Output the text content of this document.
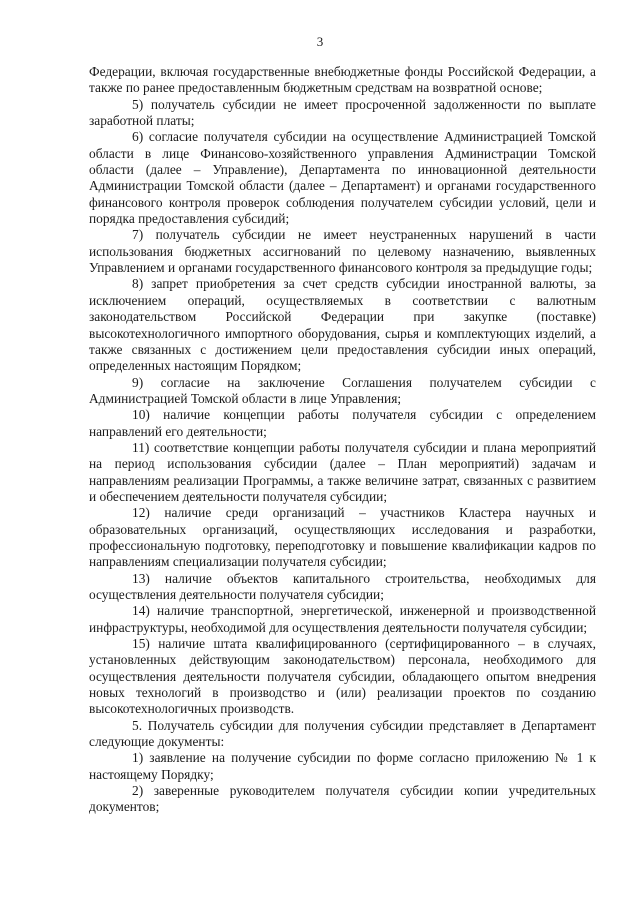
3

Федерации, включая государственные внебюджетные фонды Российской Федерации, а также по ранее предоставленным бюджетным средствам на возвратной основе;

5) получатель субсидии не имеет просроченной задолженности по выплате заработной платы;

6) согласие получателя субсидии на осуществление Администрацией Томской области в лице Финансово-хозяйственного управления Администрации Томской области (далее – Управление), Департамента по инновационной деятельности Администрации Томской области (далее – Департамент) и органами государственного финансового контроля проверок соблюдения получателем субсидии условий, цели и порядка предоставления субсидий;

7) получатель субсидии не имеет неустраненных нарушений в части использования бюджетных ассигнований по целевому назначению, выявленных Управлением и органами государственного финансового контроля за предыдущие годы;

8) запрет приобретения за счет средств субсидии иностранной валюты, за исключением операций, осуществляемых в соответствии с валютным законодательством Российской Федерации при закупке (поставке) высокотехнологичного импортного оборудования, сырья и комплектующих изделий, а также связанных с достижением цели предоставления субсидии иных операций, определенных настоящим Порядком;

9) согласие на заключение Соглашения получателем субсидии с Администрацией Томской области в лице Управления;

10) наличие концепции работы получателя субсидии с определением направлений его деятельности;

11) соответствие концепции работы получателя субсидии и плана мероприятий на период использования субсидии (далее – План мероприятий) задачам и направлениям реализации Программы, а также величине затрат, связанных с развитием и обеспечением деятельности получателя субсидии;

12) наличие среди организаций – участников Кластера научных и образовательных организаций, осуществляющих исследования и разработки, профессиональную подготовку, переподготовку и повышение квалификации кадров по направлениям специализации получателя субсидии;

13) наличие объектов капитального строительства, необходимых для осуществления деятельности получателя субсидии;

14) наличие транспортной, энергетической, инженерной и производственной инфраструктуры, необходимой для осуществления деятельности получателя субсидии;

15) наличие штата квалифицированного (сертифицированного – в случаях, установленных действующим законодательством) персонала, необходимого для осуществления деятельности получателя субсидии, обладающего опытом внедрения новых технологий в производство и (или) реализации проектов по созданию высокотехнологичных производств.

5. Получатель субсидии для получения субсидии представляет в Департамент следующие документы:

1) заявление на получение субсидии по форме согласно приложению № 1 к настоящему Порядку;

2) заверенные руководителем получателя субсидии копии учредительных документов;
